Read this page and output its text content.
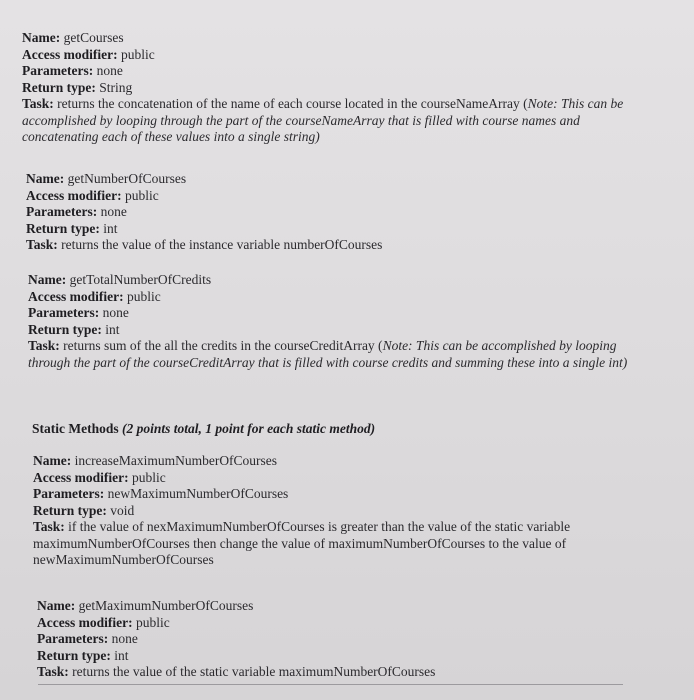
Name: getCourses
Access modifier: public
Parameters: none
Return type: String
Task: returns the concatenation of the name of each course located in the courseNameArray (Note: This can be accomplished by looping through the part of the courseNameArray that is filled with course names and concatenating each of these values into a single string)
Name: getNumberOfCourses
Access modifier: public
Parameters: none
Return type: int
Task: returns the value of the instance variable numberOfCourses
Name: getTotalNumberOfCredits
Access modifier: public
Parameters: none
Return type: int
Task: returns sum of the all the credits in the courseCreditArray (Note: This can be accomplished by looping through the part of the courseCreditArray that is filled with course credits and summing these into a single int)
Static Methods (2 points total, 1 point for each static method)
Name: increaseMaximumNumberOfCourses
Access modifier: public
Parameters: newMaximumNumberOfCourses
Return type: void
Task: if the value of nexMaximumNumberOfCourses is greater than the value of the static variable maximumNumberOfCourses then change the value of maximumNumberOfCourses to the value of newMaximumNumberOfCourses
Name: getMaximumNumberOfCourses
Access modifier: public
Parameters: none
Return type: int
Task: returns the value of the static variable maximumNumberOfCourses
